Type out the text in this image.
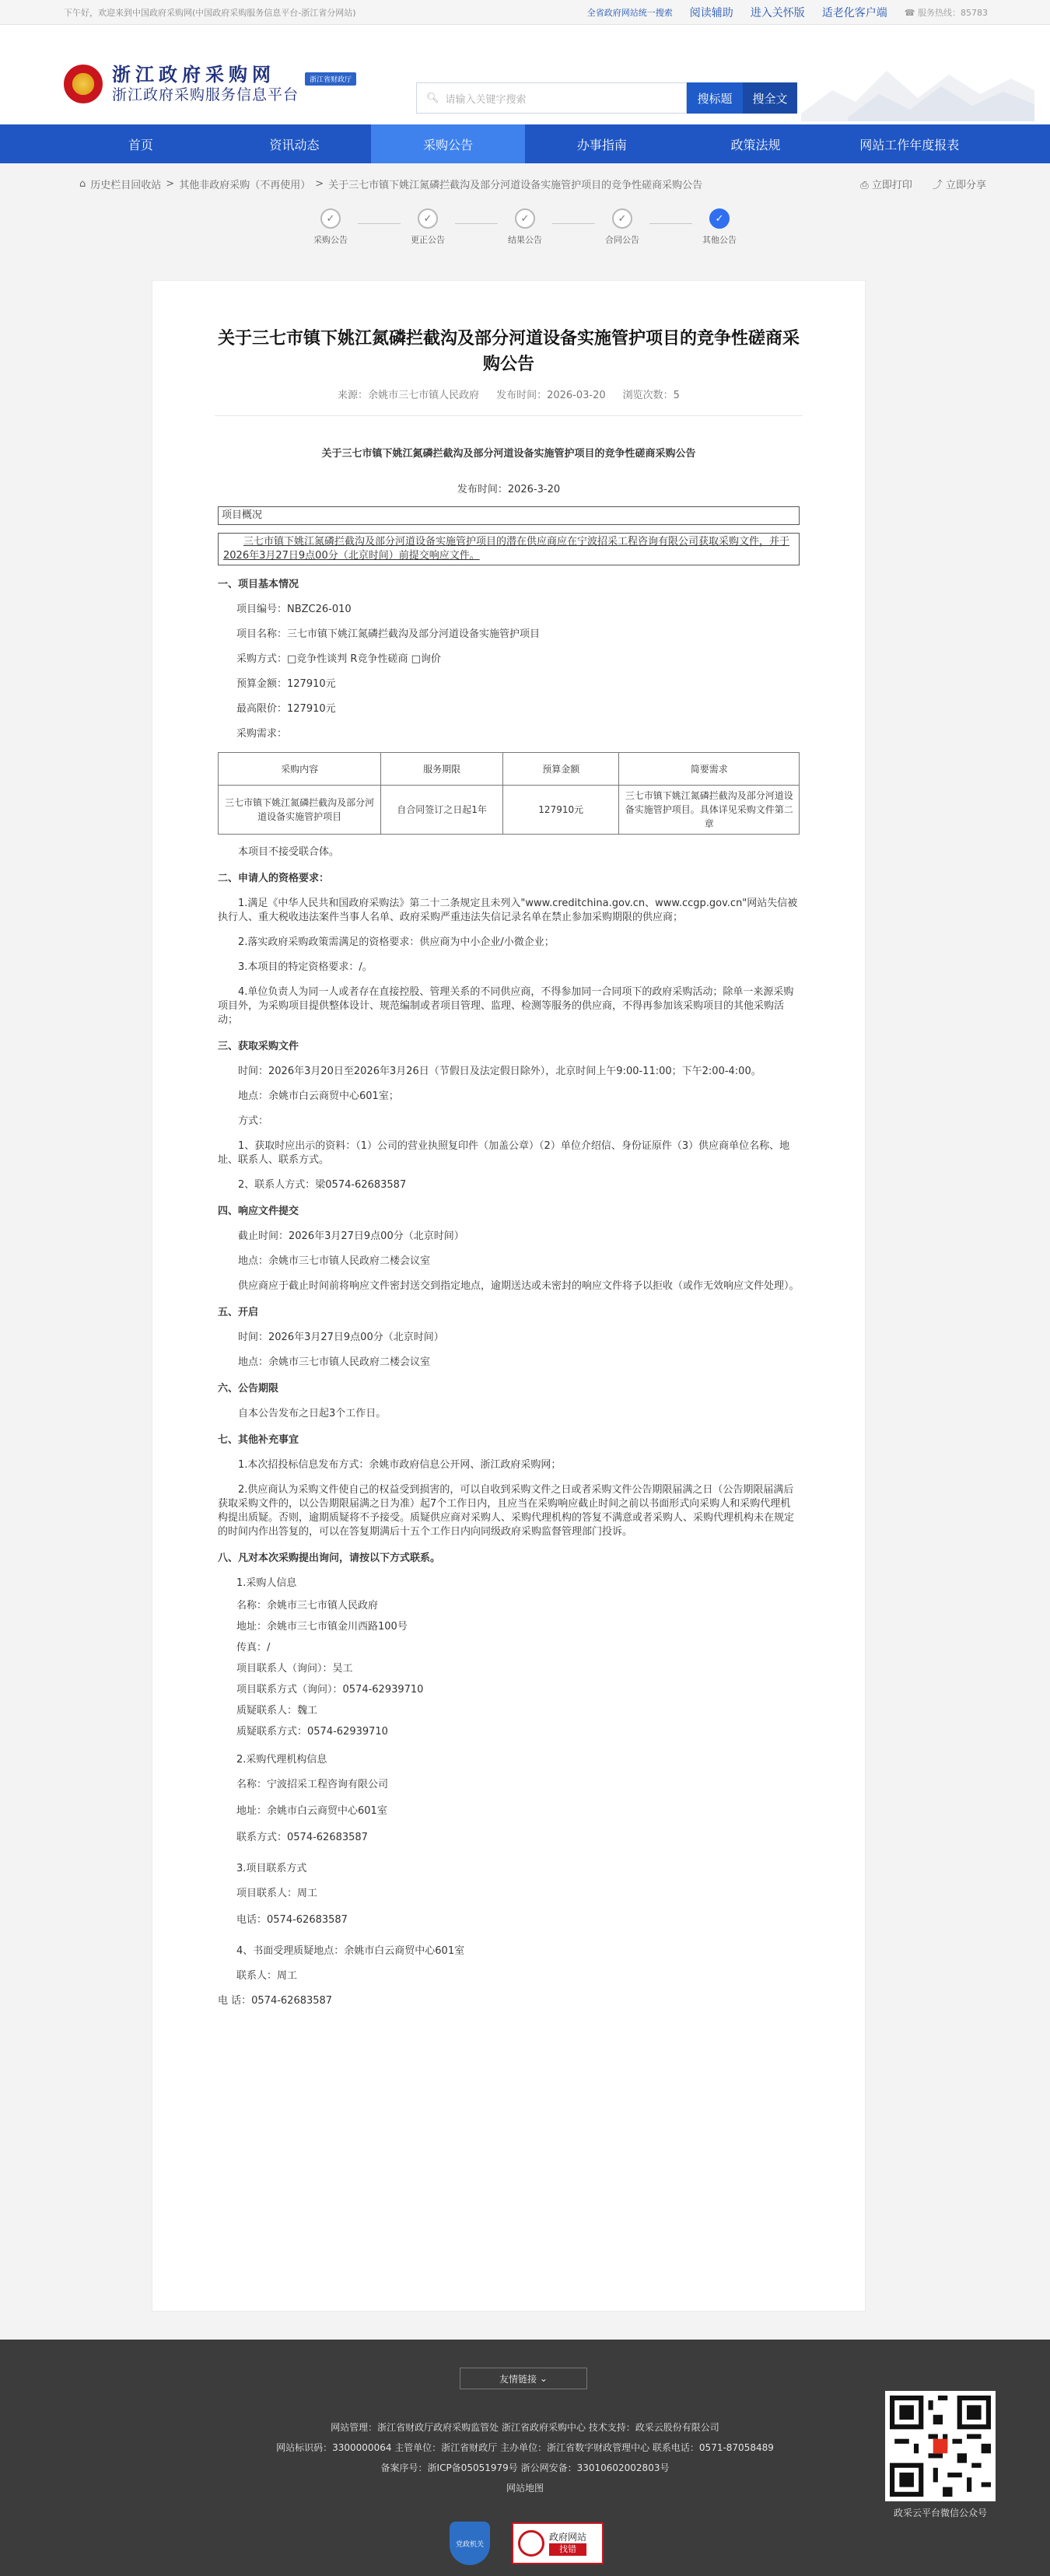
下午好，欢迎来到中国政府采购网(中国政府采购服务信息平台-浙江省分网站)	全省政府网站统一搜索 阅读辅助 进入关怀版 适老化客户端 ☎ 服务热线：85783
浙江政府采购网
浙江政府采购服务信息平台
浙江省财政厅
🔍︎ 请输入关键字搜索	搜标题	搜全文
首页	资讯动态	采购公告	办事指南	政策法规	网站工作年度报表
⌂ 历史栏目回收站 > 其他非政府采购（不再使用） > 关于三七市镇下姚江氮磷拦截沟及部分河道设备实施管护项目的竞争性磋商采购公告	⎙ 立即打印 ⤴ 立即分享
✓
采购公告
✓
更正公告
✓
结果公告
✓
合同公告
✓
其他公告
关于三七市镇下姚江氮磷拦截沟及部分河道设备实施管护项目的竞争性磋商采购公告
来源：余姚市三七市镇人民政府 发布时间：2026-03-20 浏览次数：5
关于三七市镇下姚江氮磷拦截沟及部分河道设备实施管护项目的竞争性磋商采购公告
发布时间：2026-3-20
项目概况
三七市镇下姚江氮磷拦截沟及部分河道设备实施管护项目的潜在供应商应在宁波招采工程咨询有限公司获取采购文件，并于2026年3月27日9点00分（北京时间）前提交响应文件。
一、项目基本情况
项目编号：NBZC26-010
项目名称：三七市镇下姚江氮磷拦截沟及部分河道设备实施管护项目
采购方式：□竞争性谈判 R竞争性磋商 □询价
预算金额：127910元
最高限价：127910元
采购需求：
采购内容	服务期限	预算金额	简要需求
三七市镇下姚江氮磷拦截沟及部分河道设备实施管护项目	自合同签订之日起1年	127910元	三七市镇下姚江氮磷拦截沟及部分河道设备实施管护项目。具体详见采购文件第二章
本项目不接受联合体。
二、申请人的资格要求：
1.满足《中华人民共和国政府采购法》第二十二条规定且未列入"www.creditchina.gov.cn、www.ccgp.gov.cn"网站失信被执行人、重大税收违法案件当事人名单、政府采购严重违法失信记录名单在禁止参加采购期限的供应商；
2.落实政府采购政策需满足的资格要求：供应商为中小企业/小微企业；
3.本项目的特定资格要求：/。
4.单位负责人为同一人或者存在直接控股、管理关系的不同供应商，不得参加同一合同项下的政府采购活动；除单一来源采购项目外，为采购项目提供整体设计、规范编制或者项目管理、监理、检测等服务的供应商，不得再参加该采购项目的其他采购活动；
三、获取采购文件
时间：2026年3月20日至2026年3月26日（节假日及法定假日除外），北京时间上午9:00-11:00；下午2:00-4:00。
地点：余姚市白云商贸中心601室；
方式：
1、获取时应出示的资料：（1）公司的营业执照复印件（加盖公章）（2）单位介绍信、身份证原件（3）供应商单位名称、地址、联系人、联系方式。
2、联系人方式：梁0574-62683587
四、响应文件提交
截止时间：2026年3月27日9点00分（北京时间）
地点：余姚市三七市镇人民政府二楼会议室
供应商应于截止时间前将响应文件密封送交到指定地点，逾期送达或未密封的响应文件将予以拒收（或作无效响应文件处理）。
五、开启
时间：2026年3月27日9点00分（北京时间）
地点：余姚市三七市镇人民政府二楼会议室
六、公告期限
自本公告发布之日起3个工作日。
七、其他补充事宜
1.本次招投标信息发布方式：余姚市政府信息公开网、浙江政府采购网；
2.供应商认为采购文件使自己的权益受到损害的，可以自收到采购文件之日或者采购文件公告期限届满之日（公告期限届满后获取采购文件的，以公告期限届满之日为准）起7个工作日内，且应当在采购响应截止时间之前以书面形式向采购人和采购代理机构提出质疑。否则，逾期质疑将不予接受。质疑供应商对采购人、采购代理机构的答复不满意或者采购人、采购代理机构未在规定的时间内作出答复的，可以在答复期满后十五个工作日内向同级政府采购监督管理部门投诉。
八、凡对本次采购提出询问，请按以下方式联系。
1.采购人信息
名称：余姚市三七市镇人民政府
地址：余姚市三七市镇金川西路100号
传真：/
项目联系人（询问）：吴工
项目联系方式（询问）：0574-62939710
质疑联系人：魏工
质疑联系方式：0574-62939710
2.采购代理机构信息
名称：宁波招采工程咨询有限公司
地址：余姚市白云商贸中心601室
联系方式：0574-62683587
3.项目联系方式
项目联系人：周工
电话：0574-62683587
4、书面受理质疑地点：余姚市白云商贸中心601室
联系人：周工
电 话：0574-62683587
友情链接
⌄
网站管理：浙江省财政厅政府采购监管处 浙江省政府采购中心 技术支持：政采云股份有限公司
网站标识码：3300000064 主管单位：浙江省财政厅 主办单位：浙江省数字财政管理中心 联系电话：0571-87058489
备案序号：浙ICP备05051979号 浙公网安备：33010602002803号
网站地图
党政机关
政府网站
找错
政采云平台微信公众号
